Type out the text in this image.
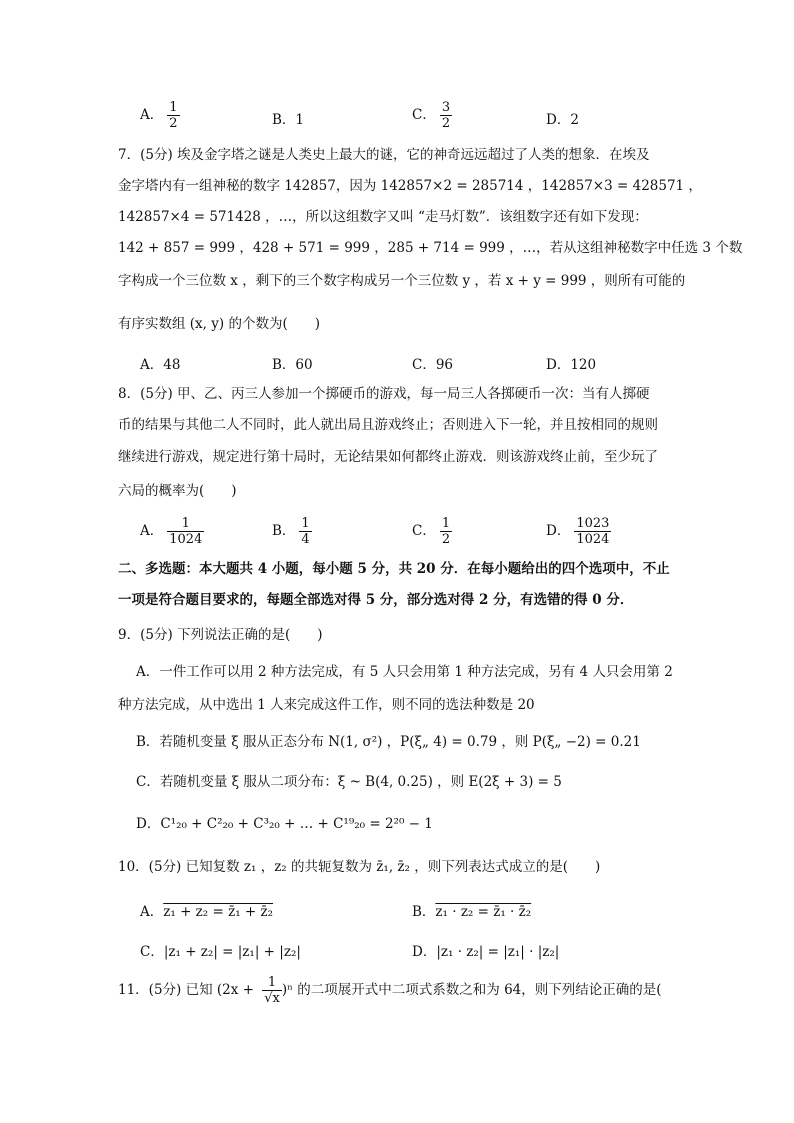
A． $\frac{1}{2}$	B．1	C． $\frac{3}{2}$	D．2
7．(5分) 埃及金字塔之谜是人类史上最大的谜，它的神奇远远超过了人类的想象．在埃及
金字塔内有一组神秘的数字 142857，因为 142857×2 = 285714 ，142857×3 = 428571 ，
142857×4 = 571428 ，…，所以这组数字又叫 “走马灯数”．该组数字还有如下发现：
142 + 857 = 999 ，428 + 571 = 999 ，285 + 714 = 999 ，…，若从这组神秘数字中任选 3 个数
字构成一个三位数 x ，剩下的三个数字构成另一个三位数 y ，若 x + y = 999 ，则所有可能的
有序实数组 (x, y) 的个数为(　　)
A．48	B．60	C．96	D．120
8．(5分) 甲、乙、丙三人参加一个掷硬币的游戏，每一局三人各掷硬币一次：当有人掷硬
币的结果与其他二人不同时，此人就出局且游戏终止；否则进入下一轮，并且按相同的规则
继续进行游戏，规定进行第十局时，无论结果如何都终止游戏．则该游戏终止前，至少玩了
六局的概率为(　　)
A． $\frac{1}{1024}$	B． $\frac{1}{4}$	C． $\frac{1}{2}$	D． $\frac{1023}{1024}$
二、多选题：本大题共 4 小题，每小题 5 分，共 20 分．在每小题给出的四个选项中，不止
一项是符合题目要求的，每题全部选对得 5 分，部分选对得 2 分，有选错的得 0 分．
9．(5分) 下列说法正确的是(　　)
A．一件工作可以用 2 种方法完成，有 5 人只会用第 1 种方法完成，另有 4 人只会用第 2
种方法完成，从中选出 1 人来完成这件工作，则不同的选法种数是 20
B．若随机变量 ξ 服从正态分布 N(1, σ²) ，P(ξ„ 4) = 0.79 ，则 P(ξ„ −2) = 0.21
C．若随机变量 ξ 服从二项分布：ξ ~ B(4, 0.25) ，则 E(2ξ + 3) = 5
D．C¹₂₀ + C²₂₀ + C³₂₀ + … + C¹⁹₂₀ = 2²⁰ − 1
10．(5分) 已知复数 z₁ ，z₂ 的共轭复数为 z̄₁, z̄₂ ，则下列表达式成立的是(　　)
A．z₁ + z₂ = z̄₁ + z̄₂	B．z₁ · z₂ = z̄₁ · z̄₂
C．|z₁ + z₂| = |z₁| + |z₂|	D．|z₁ · z₂| = |z₁| · |z₂|
11．(5分) 已知 $(2x + \frac{1}{√x} )^n$ 的二项展开式中二项式系数之和为 64，则下列结论正确的是(
